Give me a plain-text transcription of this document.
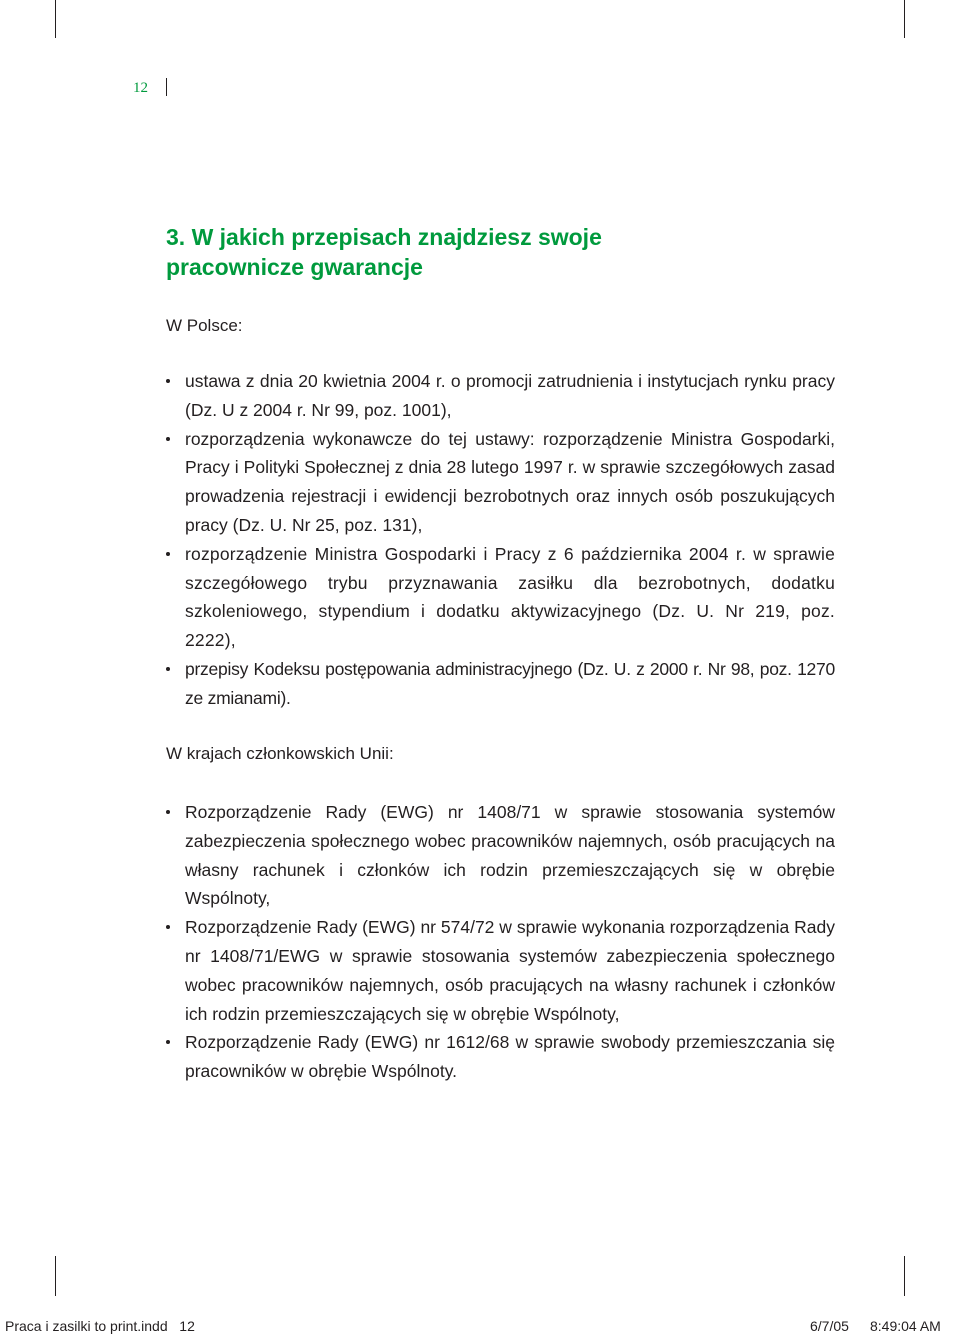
12
3. W jakich przepisach znajdziesz swoje
pracownicze gwarancje
W Polsce:
ustawa z dnia 20 kwietnia 2004 r. o promocji zatrudnienia i instytucjach rynku pracy (Dz. U z 2004 r. Nr 99, poz. 1001),
rozporządzenia wykonawcze do tej ustawy: rozporządzenie Ministra Gospodarki, Pracy i Polityki Społecznej z dnia 28 lutego 1997 r. w sprawie szczegółowych zasad prowadzenia rejestracji i ewidencji bezrobotnych oraz innych osób poszukujących pracy (Dz. U. Nr 25, poz. 131),
rozporządzenie Ministra Gospodarki i Pracy z 6 października 2004 r. w sprawie szczegółowego trybu przyznawania zasiłku dla bezrobotnych, dodatku szkoleniowego, stypendium i dodatku aktywizacyjnego (Dz. U. Nr 219, poz. 2222),
przepisy Kodeksu postępowania administracyjnego (Dz. U. z 2000 r. Nr 98, poz. 1270 ze zmianami).
W krajach członkowskich Unii:
Rozporządzenie Rady (EWG) nr 1408/71 w sprawie stosowania systemów zabezpieczenia społecznego wobec pracowników najemnych, osób pracujących na własny rachunek i członków ich rodzin przemieszczających się w obrębie Wspólnoty,
Rozporządzenie Rady (EWG) nr 574/72 w sprawie wykonania rozporządzenia Rady nr 1408/71/EWG w sprawie stosowania systemów zabezpieczenia społecznego wobec pracowników najemnych, osób pracujących na własny rachunek i członków ich rodzin przemieszczających się w obrębie Wspólnoty,
Rozporządzenie Rady (EWG) nr 1612/68 w sprawie swobody przemieszczania się pracowników w obrębie Wspólnoty.
Praca i zasilki to print.indd   12	6/7/05 8:49:04 AM
